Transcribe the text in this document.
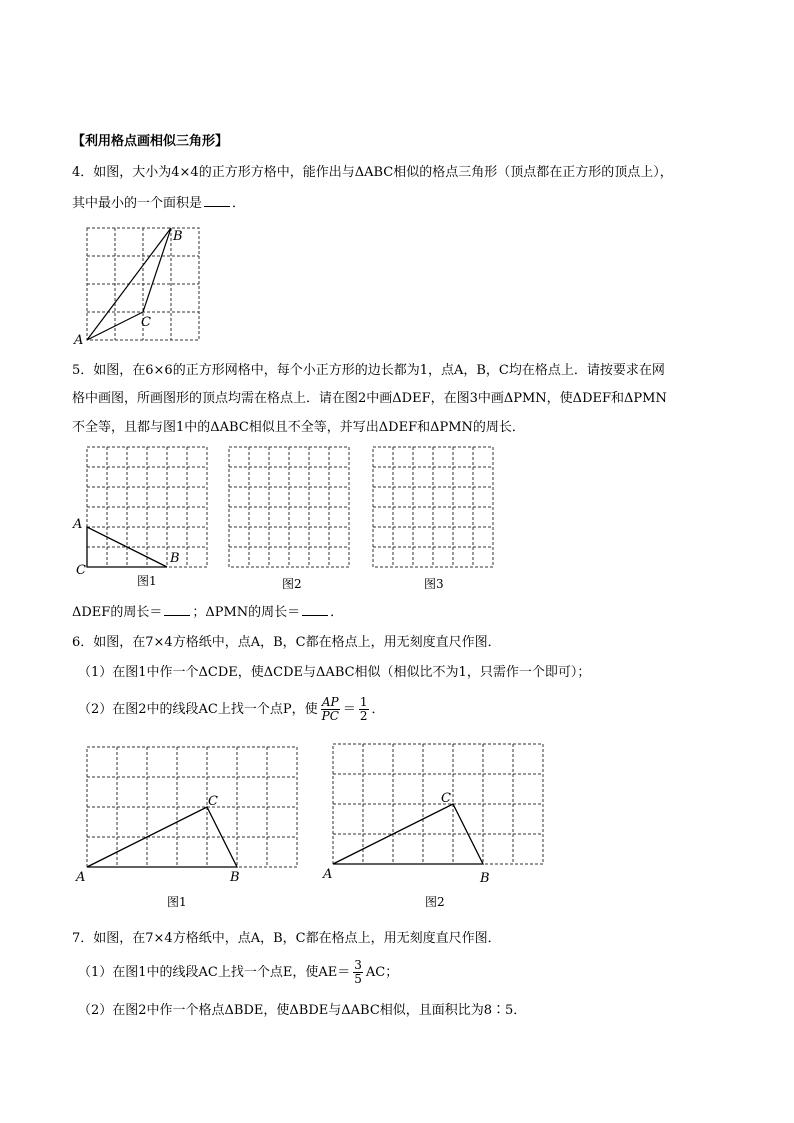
【利用格点画相似三角形】
4．如图，大小为4×4的正方形方格中，能作出与ΔABC相似的格点三角形（顶点都在正方形的顶点上），
其中最小的一个面积是 ．
A
B
C
A
B
C
A	B
C
A	B
C
图1	图2	图3
5．如图，在6×6的正方形网格中，每个小正方形的边长都为1，点A，B，C均在格点上．请按要求在网
格中画图，所画图形的顶点均需在格点上．请在图2中画ΔDEF，在图3中画ΔPMN，使ΔDEF和ΔPMN
不全等，且都与图1中的ΔABC相似且不全等，并写出ΔDEF和ΔPMN的周长．
ΔDEF的周长＝ ；ΔPMN的周长＝ ．
6．如图，在7×4方格纸中，点A，B，C都在格点上，用无刻度直尺作图．
（1）在图1中作一个ΔCDE，使ΔCDE与ΔABC相似（相似比不为1，只需作一个即可）；
（2）在图2中的线段AC上找一个点P，使 $\frac{AP}{PC} = \frac{1}{2}$ ．
图1	图2
7．如图，在7×4方格纸中，点A，B，C都在格点上，用无刻度直尺作图．
（1）在图1中的线段AC上找一个点E，使$AE= \frac{3}{5}$ AC；
（2）在图2中作一个格点ΔBDE，使ΔBDE与ΔABC相似，且面积比为8∶5．
